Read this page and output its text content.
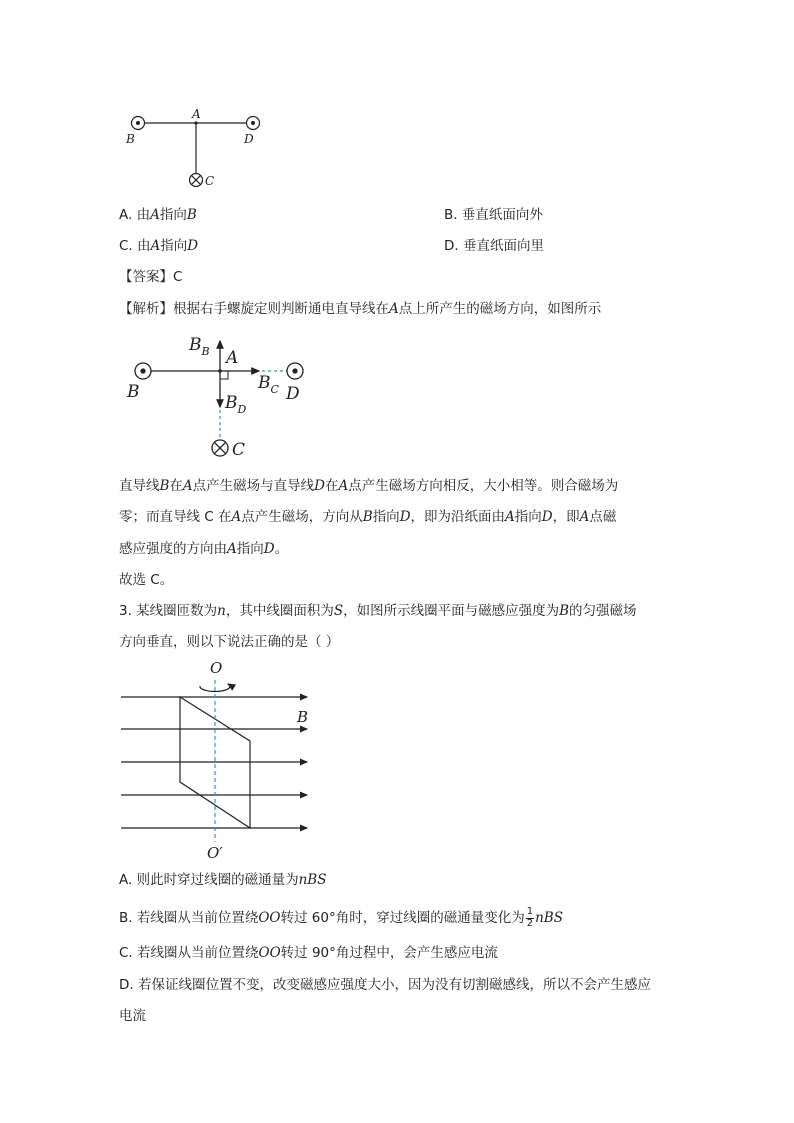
A
B	D
C
A. 由A指向B	B. 垂直纸面向外
C. 由A指向D	D. 垂直纸面向里
【答案】C
【解析】根据右手螺旋定则判断通电直导线在A点上所产生的磁场方向，如图所示
B	D
C
A
$B_B$
$B_C$
$B_D$
直导线B在A点产生磁场与直导线D在A点产生磁场方向相反，大小相等。则合磁场为
零；而直导线 C 在A点产生磁场，方向从B指向D，即为沿纸面由A指向D，即A点磁
感应强度的方向由A指向D。
故选 C。
3. 某线圈匝数为n，其中线圈面积为S，如图所示线圈平面与磁感应强度为B的匀强磁场
方向垂直，则以下说法正确的是（ ）
O
B
O′
A. 则此时穿过线圈的磁通量为nBS
B. 若线圈从当前位置绕OO转过 60°角时，穿过线圈的磁通量变化为 $\frac{1}{2}$ nBS
C. 若线圈从当前位置绕OO转过 90°角过程中，会产生感应电流
D. 若保证线圈位置不变，改变磁感应强度大小，因为没有切割磁感线，所以不会产生感应
电流
